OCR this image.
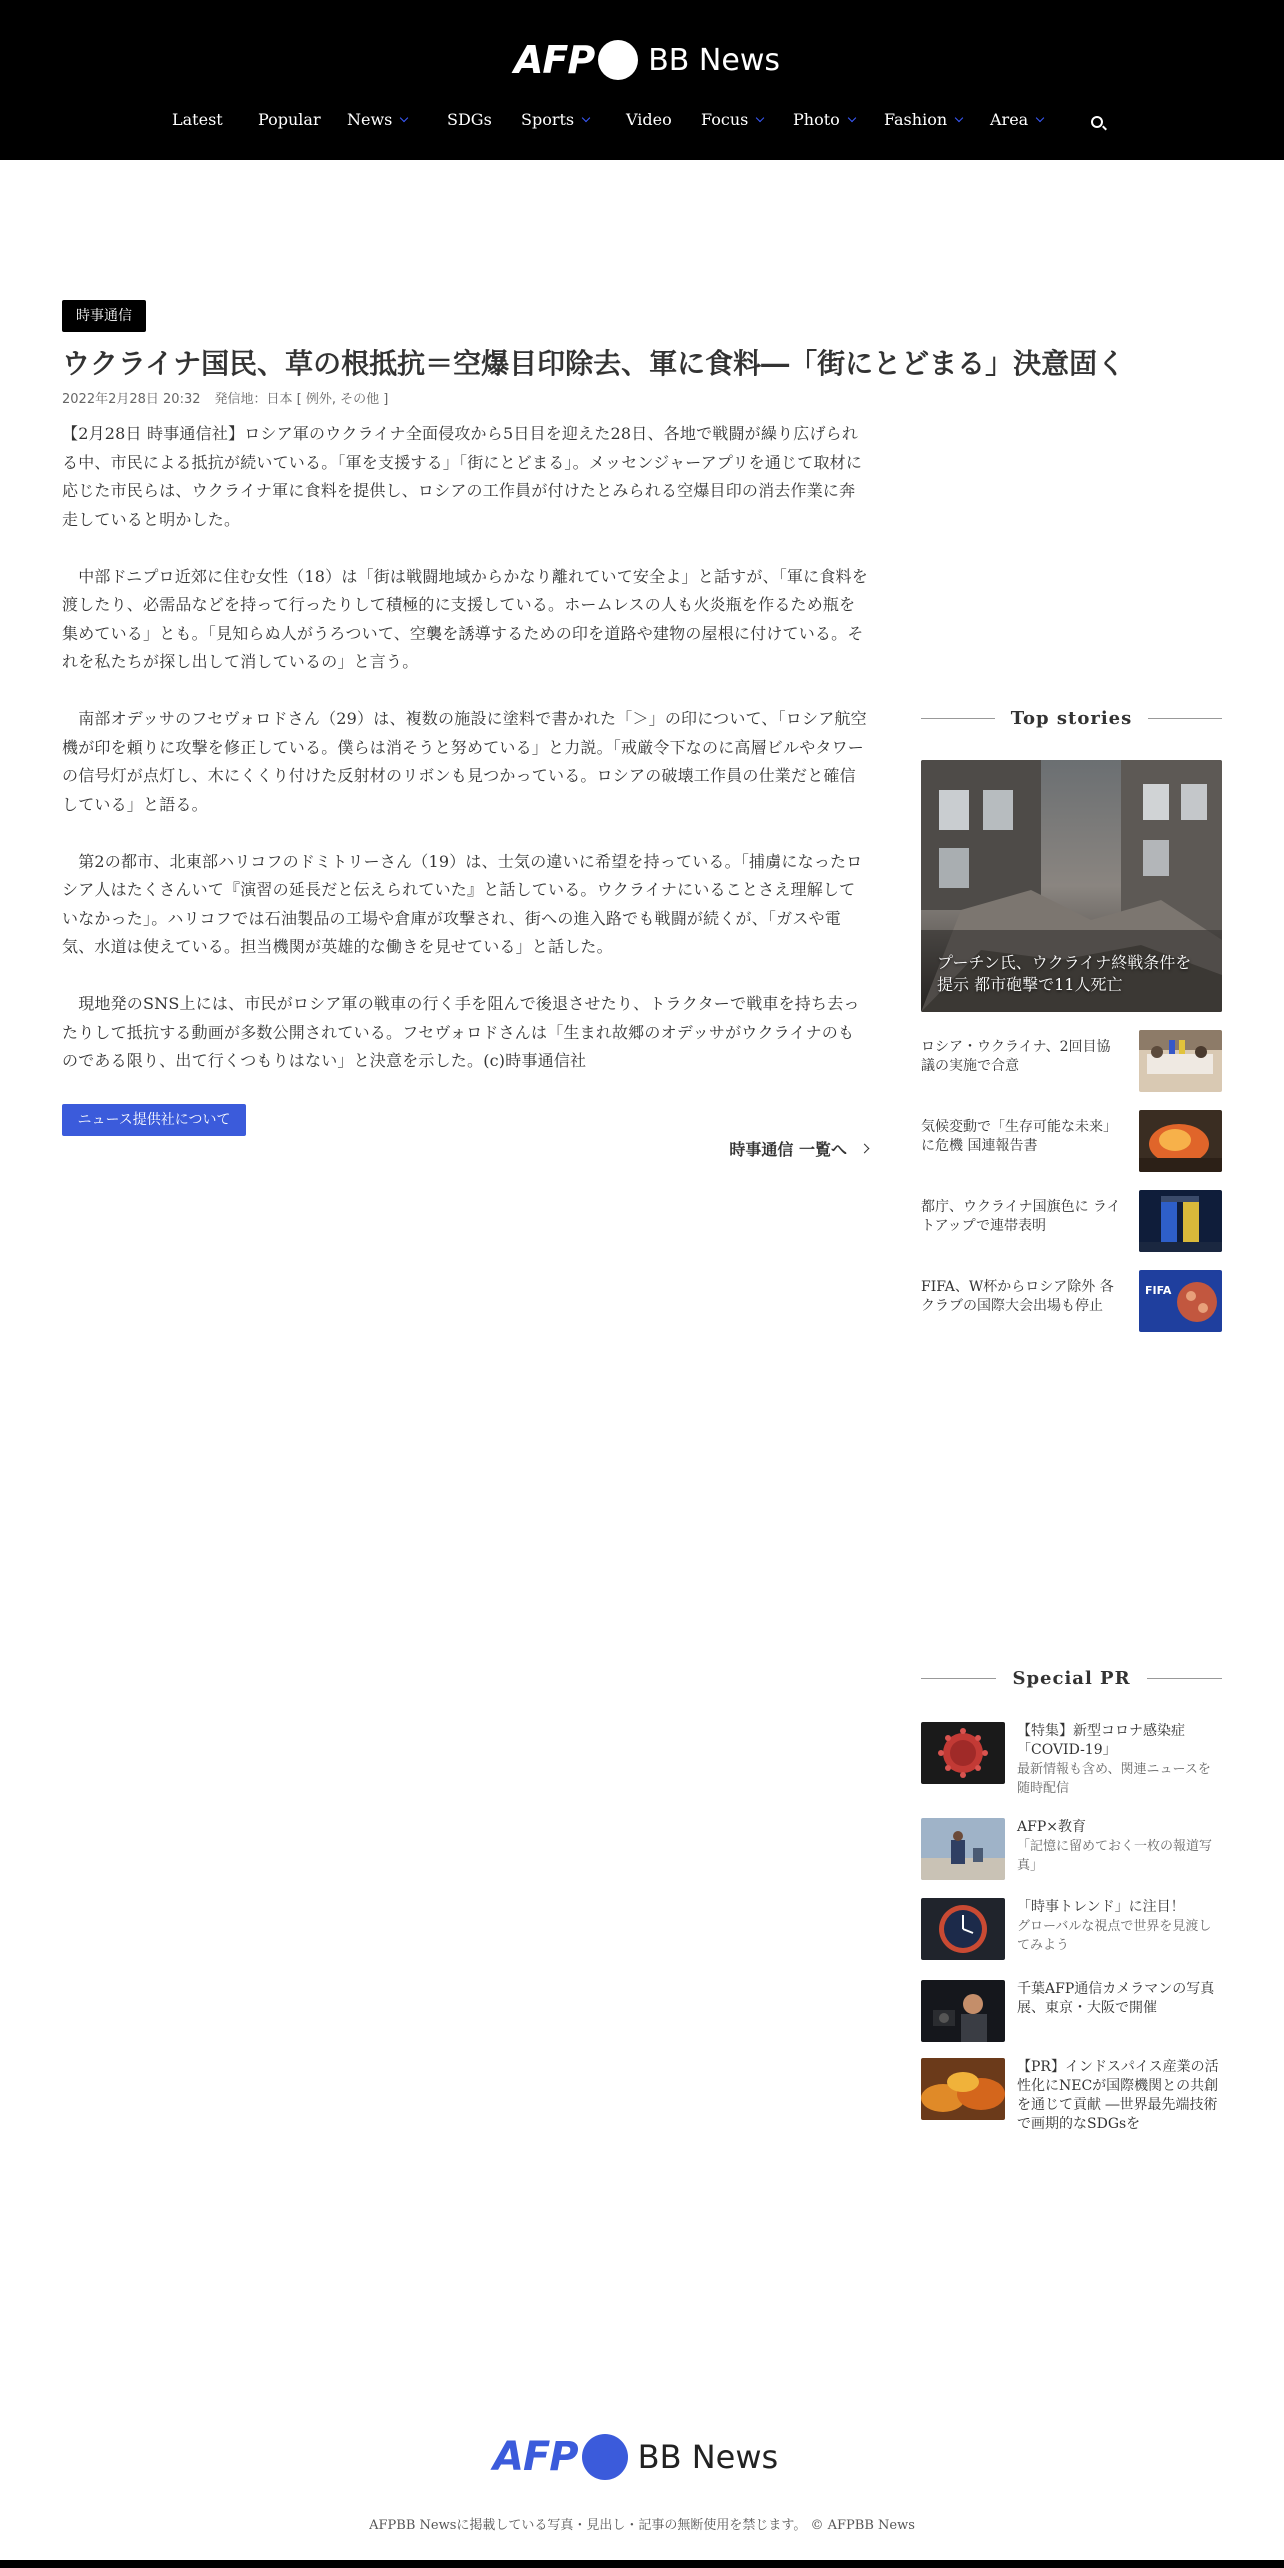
AFP BB News
Latest Popular News	SDGs Sports	Video Focus	Photo	Fashion	Area
時事通信
ウクライナ国民、草の根抵抗＝空爆目印除去、軍に食料―「街にとどまる」決意固く
2022年2月28日 20:32 発信地：日本 [ 例外, その他 ]

【2月28日 時事通信社】ロシア軍のウクライナ全面侵攻から5日目を迎えた28日、各地で戦闘が繰り広げられる中、市民による抵抗が続いている。「軍を支援する」「街にとどまる」。メッセンジャーアプリを通じて取材に応じた市民らは、ウクライナ軍に食料を提供し、ロシアの工作員が付けたとみられる空爆目印の消去作業に奔走していると明かした。

　中部ドニプロ近郊に住む女性（18）は「街は戦闘地域からかなり離れていて安全よ」と話すが、「軍に食料を渡したり、必需品などを持って行ったりして積極的に支援している。ホームレスの人も火炎瓶を作るため瓶を集めている」とも。「見知らぬ人がうろついて、空襲を誘導するための印を道路や建物の屋根に付けている。それを私たちが探し出して消しているの」と言う。

　南部オデッサのフセヴォロドさん（29）は、複数の施設に塗料で書かれた「＞」の印について、「ロシア航空機が印を頼りに攻撃を修正している。僕らは消そうと努めている」と力説。「戒厳令下なのに高層ビルやタワーの信号灯が点灯し、木にくくり付けた反射材のリボンも見つかっている。ロシアの破壊工作員の仕業だと確信している」と語る。

　第2の都市、北東部ハリコフのドミトリーさん（19）は、士気の違いに希望を持っている。「捕虜になったロシア人はたくさんいて『演習の延長だと伝えられていた』と話している。ウクライナにいることさえ理解していなかった」。ハリコフでは石油製品の工場や倉庫が攻撃され、街への進入路でも戦闘が続くが、「ガスや電気、水道は使えている。担当機関が英雄的な働きを見せている」と話した。

　現地発のSNS上には、市民がロシア軍の戦車の行く手を阻んで後退させたり、トラクターで戦車を持ち去ったりして抵抗する動画が多数公開されている。フセヴォロドさんは「生まれ故郷のオデッサがウクライナのものである限り、出て行くつもりはない」と決意を示した。(c)時事通信社

ニュース提供社について
時事通信 一覧へ
Top stories
プーチン氏、ウクライナ終戦条件を提示 都市砲撃で11人死亡
ロシア・ウクライナ、2回目協議の実施で合意
気候変動で「生存可能な未来」に危機 国連報告書
都庁、ウクライナ国旗色に ライトアップで連帯表明
FIFA、W杯からロシア除外 各クラブの国際大会出場も停止
FIFA
Special PR
【特集】新型コロナ感染症「COVID-19」
最新情報も含め、関連ニュースを随時配信
AFP×教育
「記憶に留めておく一枚の報道写真」
「時事トレンド」に注目！
グローバルな視点で世界を見渡してみよう
千葉AFP通信カメラマンの写真展、東京・大阪で開催
【PR】インドスパイス産業の活性化にNECが国際機関との共創を通じて貢献 ―世界最先端技術で画期的なSDGsを
AFP BB News
AFPBB Newsに掲載している写真・見出し・記事の無断使用を禁じます。 © AFPBB News
